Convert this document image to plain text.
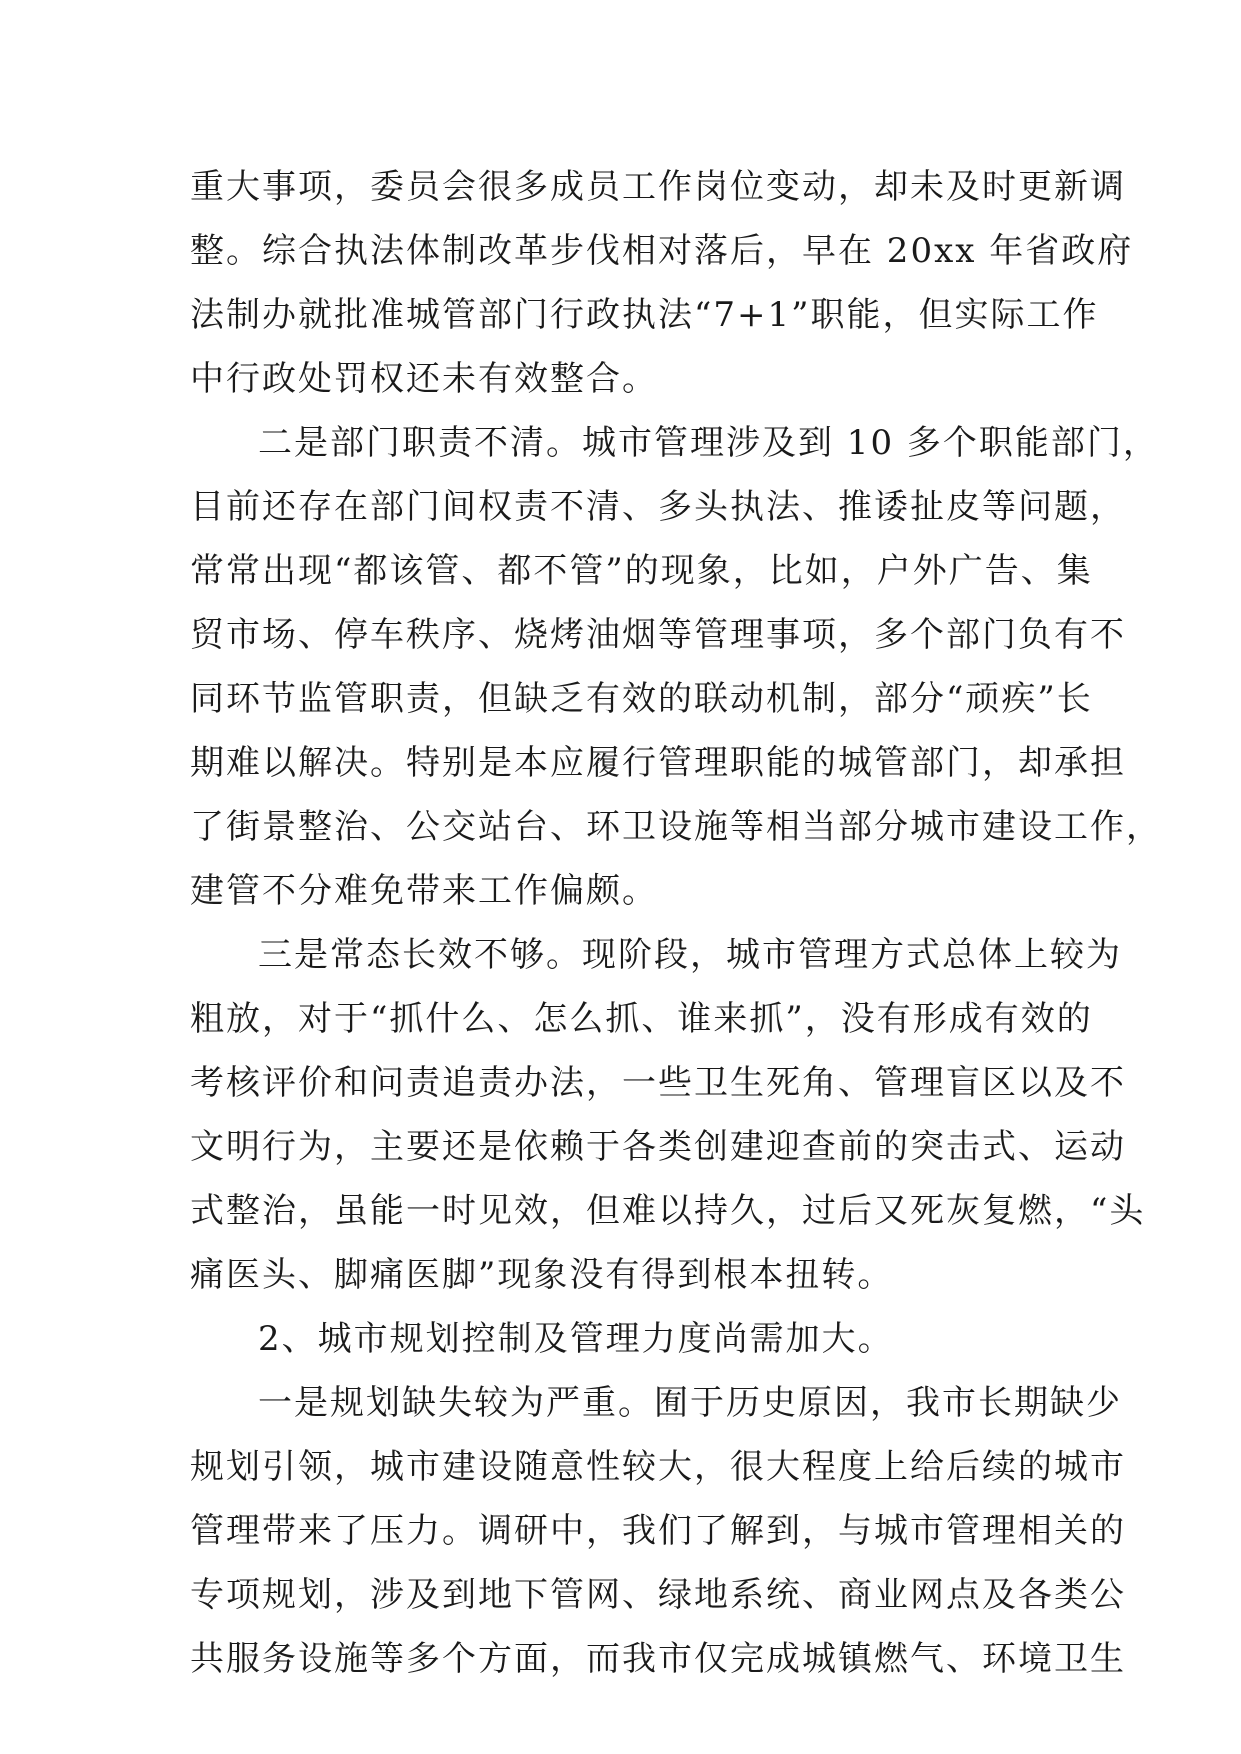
重大事项，委员会很多成员工作岗位变动，却未及时更新调
整。综合执法体制改革步伐相对落后，早在 20xx 年省政府
法制办就批准城管部门行政执法“7+1”职能，但实际工作
中行政处罚权还未有效整合。
二是部门职责不清。城市管理涉及到 10 多个职能部门，
目前还存在部门间权责不清、多头执法、推诿扯皮等问题，
常常出现“都该管、都不管”的现象，比如，户外广告、集
贸市场、停车秩序、烧烤油烟等管理事项，多个部门负有不
同环节监管职责，但缺乏有效的联动机制，部分“顽疾”长
期难以解决。特别是本应履行管理职能的城管部门，却承担
了街景整治、公交站台、环卫设施等相当部分城市建设工作，
建管不分难免带来工作偏颇。
三是常态长效不够。现阶段，城市管理方式总体上较为
粗放，对于“抓什么、怎么抓、谁来抓”，没有形成有效的
考核评价和问责追责办法，一些卫生死角、管理盲区以及不
文明行为，主要还是依赖于各类创建迎查前的突击式、运动
式整治，虽能一时见效，但难以持久，过后又死灰复燃，“头
痛医头、脚痛医脚”现象没有得到根本扭转。
2、城市规划控制及管理力度尚需加大。
一是规划缺失较为严重。囿于历史原因，我市长期缺少
规划引领，城市建设随意性较大，很大程度上给后续的城市
管理带来了压力。调研中，我们了解到，与城市管理相关的
专项规划，涉及到地下管网、绿地系统、商业网点及各类公
共服务设施等多个方面，而我市仅完成城镇燃气、环境卫生
